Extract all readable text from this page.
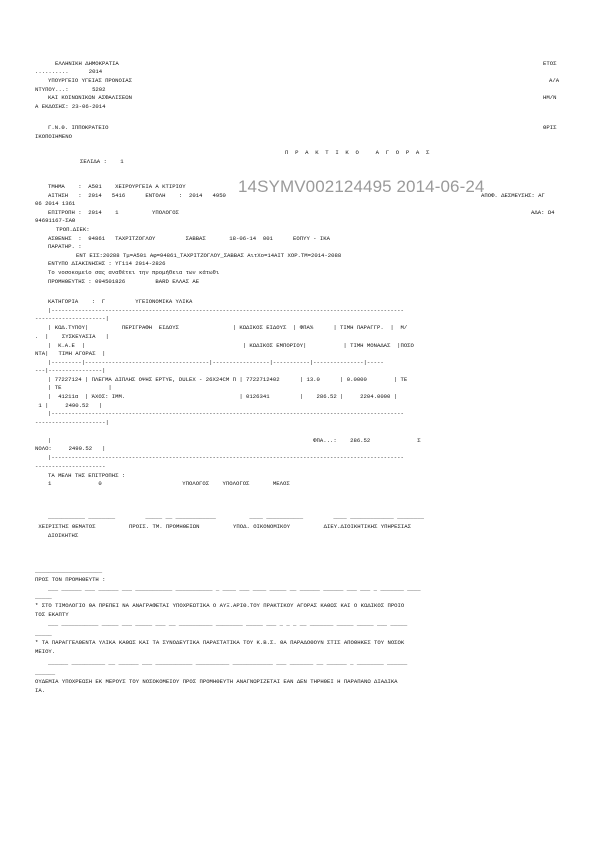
ΕΛΛΗΝΙΚΗ ΔΗΜΟΚΡΑΤΙΑ	ΕΤΟΣ
..........      2014
ΥΠΟΥΡΓΕΙΟ ΥΓΕΙΑΣ ΠΡΟΝΟΙΑΣ	Α/Α
ΝΤΥΠΟΥ...:       5202
ΚΑΙ ΚΟΙΝΩΝΙΚΩΝ ΑΣΦΑΛΙΣΕΩΝ	ΗΜ/Ν
Α ΕΚΔΟΣΗΣ: 23-06-2014
Γ.Ν.Θ. ΙΠΠΟΚΡΑΤΕΙΟ	ΘΡΙΣ
ΙΚΟΠΟΙΗΜΕΝΟ
Π  Ρ  Α  Κ  Τ  Ι  Κ  Ο     Α  Γ  Ο  Ρ  Α  Σ
ΣΕΛΙΔΑ :    1
ΤΜΗΜΑ    :  Α501    ΧΕΙΡΟΥΡΓΕΙΑ Α ΚΤΙΡΙΟΥ
ΑΙΤΗΣΗ   :  2014   5416      ΕΝΤΟΛΗ    :  2014   4950	ΑΠΟΦ. ΔΕΣΜΕΥΣΗΣ: ΑΓ
06 2014 1361
ΕΠΙΤΡΟΠΗ :  2014    1          ΥΠΟΛΟΓΟΣ	ΑΔΑ: Ω4
94691167-ΣΑΘ
ΤΡΟΠ.ΔΙΕΚ:
ΑΣΘΕΝΗΣ  :  94861   ΤΑΧΡΙΤΖΟΓΛΟΥ         ΣΑΒΒΑΣ       18-06-14  001      ΕΟΠΥΥ - ΙΚΑ
ΠΑΡΑΤΗΡ. :
ΕΝΤ ΕΙΣ:20288 Τμ=Α501 Αφ=94861_ΤΑΧΡΙΤΖΟΓΛΟΥ_ΣΑΒΒΑΣ ΑιτΧο=14ΑΙΤ ΧΟΡ.ΤΜ=2014-2088
ΕΝΤΥΠΟ ΔΙΑΚΙΝΗΣΗΣ : ΥΓ114 2014-2826
Το νοσοκομείο σας αναθέτει την προμήθεια των κάτωθι
ΠΡΟΜΗΘΕΥΤΗΣ : 094501826         BARD ΕΛΛΑΣ ΑΕ
ΚΑΤΗΓΟΡΙΑ    :  Γ         ΥΓΕΙΟΝΟΜΙΚΑ ΥΛΙΚΑ
|---------------------------------------------------------------------------------------------------------
---------------------|
| ΚΩΔ.ΤΥΠΟΥ|          ΠΕΡΙΓΡΑΦΗ  ΕΙΔΟΥΣ                | ΚΩΔΙΚΟΣ ΕΙΔΟΥΣ  | ΦΠΑ%      | ΤΙΜΗ ΠΑΡΑΓΓΡ.  |  Μ/
.  |    ΣΥΣΚΕΥΑΣΙΑ   |
|  Κ.Α.Ε  |                                               | ΚΩΔΙΚΟΣ ΕΜΠΟΡΙΟΥ|           | ΤΙΜΗ ΜΟΝΑΔΑΣ  |ΠΟΣΟ
ΝΤΑ|   ΤΙΜΗ ΑΓΟΡΑΣ  |
|---------|-------------------------------------|-----------------|-----------|---------------|-----
---|----------------|
| 77227124 | ΠΛΕΓΜΑ ΔΙΠΛΗΣ ΟΨΗΣ ΕΡΤΥΕ, DULEX - 26X24CM Π | 7722712402      | 13.0      | 0.0000        | ΤΕ
| ΤΕ              |
|  41211α  | ΆΧΟΣ: ΙΜΜ.                                  | 0126341         |    286.52 |     2204.0000 |
1 |     2490.52   |
|---------------------------------------------------------------------------------------------------------
---------------------|
|                                                                              ΦΠΑ...:    286.52              Σ
ΝΟΛΟ:     2490.52   |
|---------------------------------------------------------------------------------------------------------
---------------------
ΤΑ ΜΕΛΗ ΤΗΣ ΕΠΙΤΡΟΠΗΣ :
1              0                        ΥΠΟΛΟΓΟΣ    ΥΠΟΛΟΓΟΣ       ΜΕΛΟΣ
___________ ________         _____ __ ____________          ____ ___________         ____ _____________ ________
ΧΕΙΡΙΣΤΗΣ ΘΕΜΑΤΟΣ          ΠΡΟΙΣ. ΤΜ. ΠΡΟΜΗΘΕΙΩΝ          ΥΠΟΔ. ΟΙΚΟΝΟΜΙΚΟΥ          ΔΙΕΥ.ΔΙΟΙΚΗΤΙΚΗΣ ΥΠΗΡΕΣΙΑΣ
ΔΙΟΙΚΗΤΗΣ
____________________
ΠΡΟΣ ΤΟΝ ΠΡΟΜΗΘΕΥΤΗ :
___ ______ ___ ______ ___ ___________ ___________ _ ____ ___ ____ _____ __ ______ ______ ___ ___ _ _______ ____
_____
* ΣΤΟ ΤΙΜΟΛΟΓΙΟ ΘΑ ΠΡΕΠΕΙ ΝΑ ΑΝΑΓΡΑΦΕΤΑΙ ΥΠΟΧΡΕΩΤΙΚΑ Ο ΑΥΞ.ΑΡΙΘ.ΤΟΥ ΠΡΑΚΤΙΚΟΥ ΑΓΟΡΑΣ ΚΑΘΩΣ ΚΑΙ Ο ΚΩΔΙΚΟΣ ΠΡΟΙΟ
ΤΟΣ ΕΚΑΠΤΥ
___ ___________ _____ ___ _____ ___ __ __________ ________ _____ ___ _ _ _ __ _______ _____ _____ ___ _____
_____
* ΤΑ ΠΑΡΑΓΓΕΛΘΕΝΤΑ ΥΛΙΚΑ ΚΑΘΩΣ ΚΑΙ ΤΑ ΣΥΝΟΔΕΥΤΙΚΑ ΠΑΡΑΣΤΑΤΙΚΑ ΤΟΥ Κ.Β.Σ. ΘΑ ΠΑΡΑΔΟΘΟΥΝ ΣΤΙΣ ΑΠΟΘΗΚΕΣ ΤΟΥ ΝΟΣΟΚ
ΜΕΙΟΥ.
______ __________ __ ______ ___ ___________ __________ ____________ ___ _______ __ ______ _ ________ ______
______
ΟΥΔΕΜΙΑ ΥΠΟΧΡΕΩΣΗ ΕΚ ΜΕΡΟΥΣ ΤΟΥ ΝΟΣΟΚΟΜΕΙΟΥ ΠΡΟΣ ΠΡΟΜΗΘΕΥΤΗ ΑΝΑΓΝΩΡΙΖΕΤΑΙ ΕΑΝ ΔΕΝ ΤΗΡΗΘΕΙ Η ΠΑΡΑΠΑΝΩ ΔΙΑΔΙΚΑ
ΙΑ.
14SYMV002124495 2014-06-24
